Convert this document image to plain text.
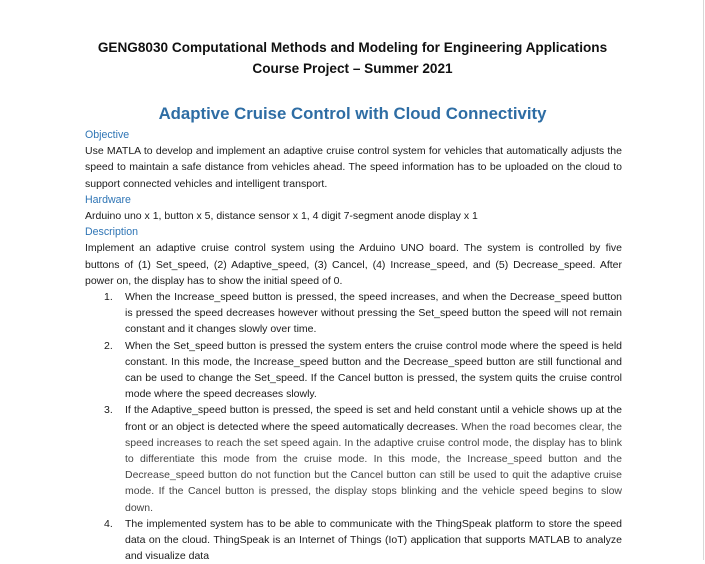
GENG8030 Computational Methods and Modeling for Engineering Applications
Course Project – Summer 2021
Adaptive Cruise Control with Cloud Connectivity
Objective
Use MATLA to develop and implement an adaptive cruise control system for vehicles that automatically adjusts the speed to maintain a safe distance from vehicles ahead. The speed information has to be uploaded on the cloud to support connected vehicles and intelligent transport.
Hardware
Arduino uno x 1, button x 5, distance sensor x 1, 4 digit 7-segment anode display x 1
Description
Implement an adaptive cruise control system using the Arduino UNO board. The system is controlled by five buttons of (1) Set_speed, (2) Adaptive_speed, (3) Cancel, (4) Increase_speed, and (5) Decrease_speed. After power on, the display has to show the initial speed of 0.
1.	When the Increase_speed button is pressed, the speed increases, and when the Decrease_speed button is pressed the speed decreases however without pressing the Set_speed button the speed will not remain constant and it changes slowly over time.
2.	When the Set_speed button is pressed the system enters the cruise control mode where the speed is held constant. In this mode, the Increase_speed button and the Decrease_speed button are still functional and can be used to change the Set_speed. If the Cancel button is pressed, the system quits the cruise control mode where the speed decreases slowly.
3.	If the Adaptive_speed button is pressed, the speed is set and held constant until a vehicle shows up at the front or an object is detected where the speed automatically decreases. When the road becomes clear, the speed increases to reach the set speed again. In the adaptive cruise control mode, the display has to blink to differentiate this mode from the cruise mode. In this mode, the Increase_speed button and the Decrease_speed button do not function but the Cancel button can still be used to quit the adaptive cruise mode. If the Cancel button is pressed, the display stops blinking and the vehicle speed begins to slow down.
4.	The implemented system has to be able to communicate with the ThingSpeak platform to store the speed data on the cloud. ThingSpeak is an Internet of Things (IoT) application that supports MATLAB to analyze and visualize data
